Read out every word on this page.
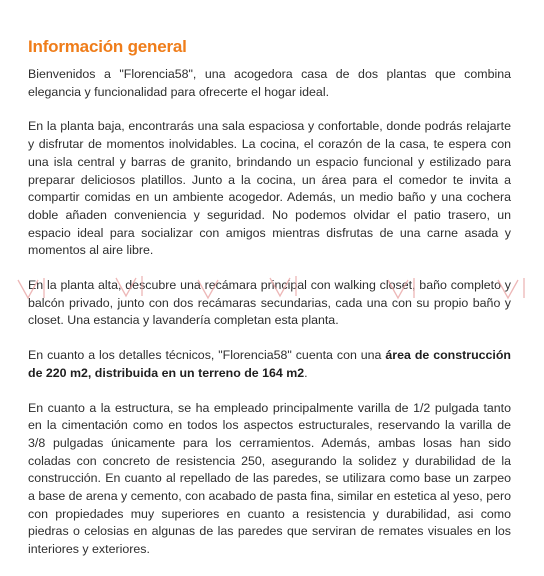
Información general

Bienvenidos a "Florencia58", una acogedora casa de dos plantas que combina elegancia y funcionalidad para ofrecerte el hogar ideal.

En la planta baja, encontrarás una sala espaciosa y confortable, donde podrás relajarte y disfrutar de momentos inolvidables. La cocina, el corazón de la casa, te espera con una isla central y barras de granito, brindando un espacio funcional y estilizado para preparar deliciosos platillos. Junto a la cocina, un área para el comedor te invita a compartir comidas en un ambiente acogedor. Además, un medio baño y una cochera doble añaden conveniencia y seguridad. No podemos olvidar el patio trasero, un espacio ideal para socializar con amigos mientras disfrutas de una carne asada y momentos al aire libre.

En la planta alta, descubre una recámara principal con walking closet, baño completo y balcón privado, junto con dos recámaras secundarias, cada una con su propio baño y closet. Una estancia y lavandería completan esta planta.

En cuanto a los detalles técnicos, "Florencia58" cuenta con una área de construcción de 220 m2, distribuida en un terreno de 164 m2.

En cuanto a la estructura, se ha empleado principalmente varilla de 1/2 pulgada tanto en la cimentación como en todos los aspectos estructurales, reservando la varilla de 3/8 pulgadas únicamente para los cerramientos. Además, ambas losas han sido coladas con concreto de resistencia 250, asegurando la solidez y durabilidad de la construcción. En cuanto al repellado de las paredes, se utilizara como base un zarpeo a base de arena y cemento, con acabado de pasta fina, similar en estetica al yeso, pero con propiedades muy superiores en cuanto a resistencia y durabilidad, asi como piedras o celosias en algunas de las paredes que serviran de remates visuales en los interiores y exteriores.
